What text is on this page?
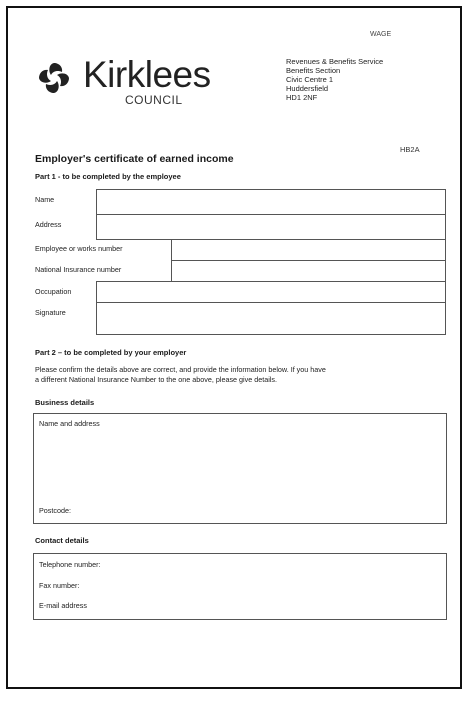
WAGE
Kirklees
COUNCIL
Revenues & Benefits Service
Benefits Section
Civic Centre 1
Huddersfield
HD1 2NF
HB2A
Employer's certificate of earned income
Part 1 - to be completed by the employee
Name
Address
Employee or works number
National Insurance number
Occupation
Signature
Part 2 – to be completed by your employer
Please confirm the details above are correct, and provide the information below. If you have
a different National Insurance Number to the one above, please give details.
Business details
Name and address
Postcode:
Contact details
Telephone number:
Fax number:
E-mail address
